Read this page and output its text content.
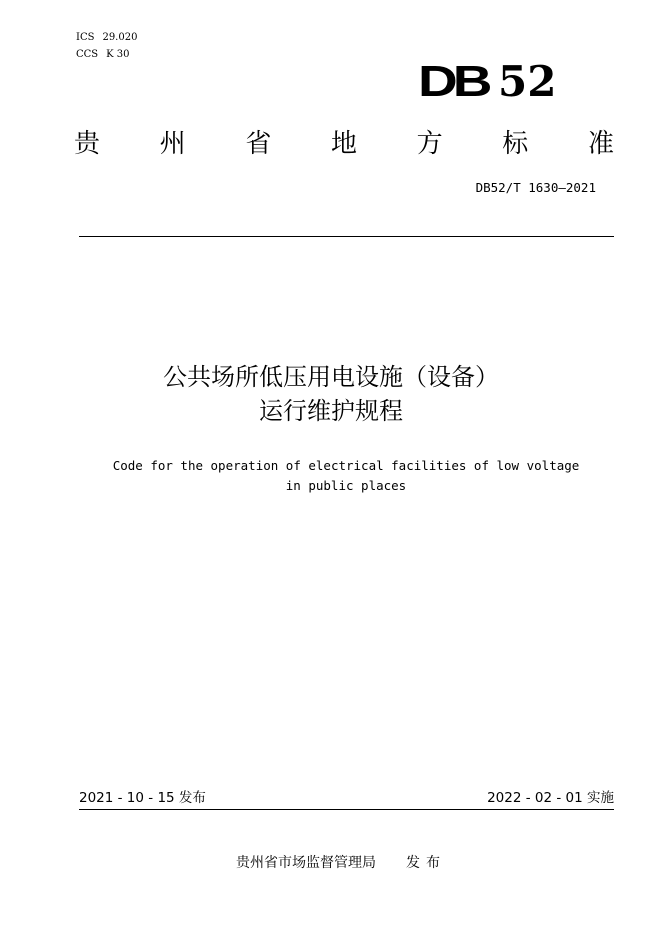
ICS 29.020
CCS K 30
DB 52
贵 州 省 地 方 标 准
DB52/T 1630—2021
公共场所低压用电设施（设备）
运行维护规程
Code for the operation of electrical facilities of low voltage
in public places
2021 - 10 - 15 发布	2022 - 02 - 01 实施
贵州省市场监督管理局 发 布
